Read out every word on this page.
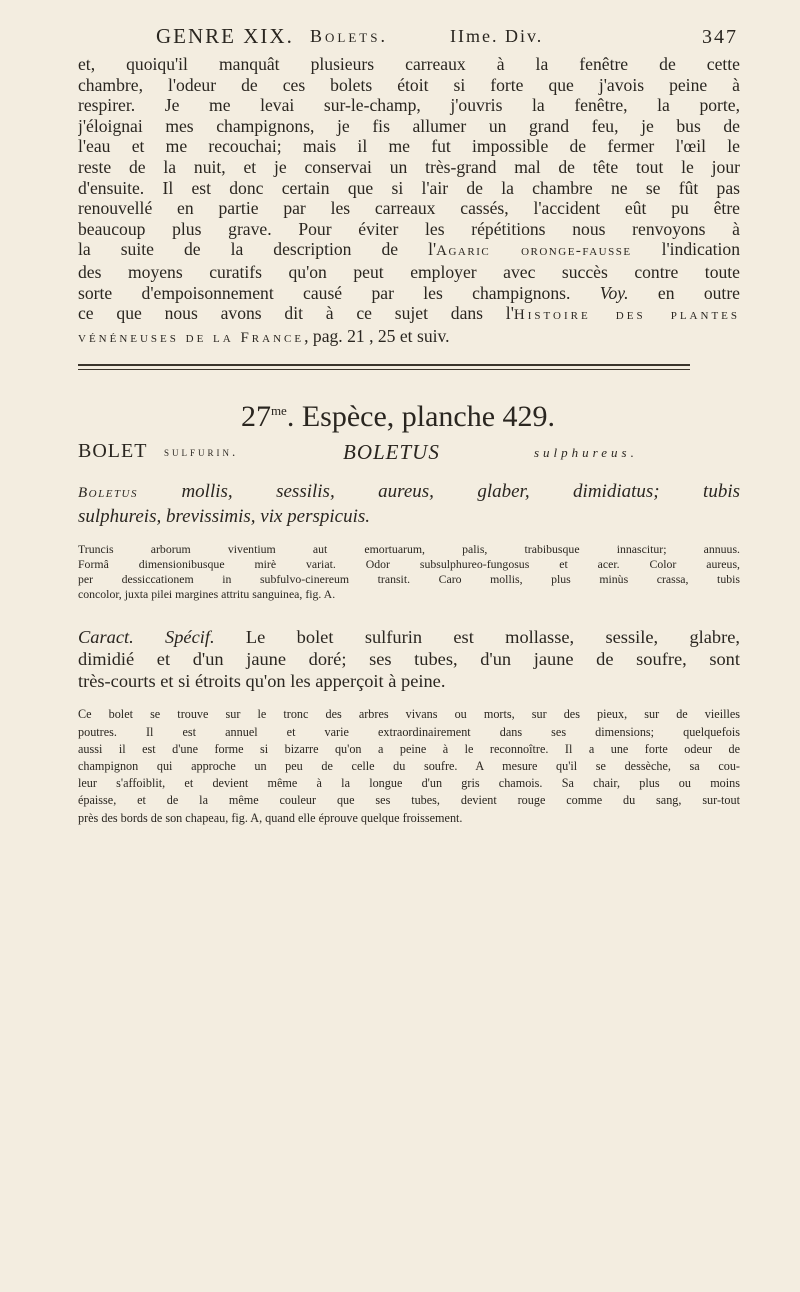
GENRE XIX. Bolets.	IIme. Div.	347
et, quoiqu'il manquât plusieurs carreaux à la fenêtre de cette
chambre, l'odeur de ces bolets étoit si forte que j'avois peine à
respirer. Je me levai sur-le-champ, j'ouvris la fenêtre, la porte,
j'éloignai mes champignons, je fis allumer un grand feu, je bus de
l'eau et me recouchai; mais il me fut impossible de fermer l'œil le
reste de la nuit, et je conservai un très-grand mal de tête tout le jour
d'ensuite. Il est donc certain que si l'air de la chambre ne se fût pas
renouvellé en partie par les carreaux cassés, l'accident eût pu être
beaucoup plus grave. Pour éviter les répétitions nous renvoyons à
la suite de la description de l'Agaric oronge-fausse l'indication
des moyens curatifs qu'on peut employer avec succès contre toute
sorte d'empoisonnement causé par les champignons. Voy. en outre
ce que nous avons dit à ce sujet dans l'Histoire des plantes
vénéneuses de la France, pag. 21 , 25 et suiv.
$27^{me}$. Espèce, planche 429.
BOLET sulfurin.	BOLETUS	sulphureus.
Boletus mollis, sessilis, aureus, glaber, dimidiatus; tubis
sulphureis, brevissimis, vix perspicuis.
Truncis arborum viventium aut emortuarum, palis, trabibusque innascitur; annuus.
Formâ dimensionibusque mirè variat. Odor subsulphureo-fungosus et acer. Color aureus,
per dessiccationem in subfulvo-cinereum transit. Caro mollis, plus minùs crassa, tubis
concolor, juxta pilei margines attritu sanguinea, fig. A.
Caract. Spécif. Le bolet sulfurin est mollasse, sessile, glabre,
dimidié et d'un jaune doré; ses tubes, d'un jaune de soufre, sont
très-courts et si étroits qu'on les apperçoit à peine.
Ce bolet se trouve sur le tronc des arbres vivans ou morts, sur des pieux, sur de vieilles
poutres. Il est annuel et varie extraordinairement dans ses dimensions; quelquefois
aussi il est d'une forme si bizarre qu'on a peine à le reconnoître. Il a une forte odeur de
champignon qui approche un peu de celle du soufre. A mesure qu'il se dessèche, sa cou-
leur s'affoiblit, et devient même à la longue d'un gris chamois. Sa chair, plus ou moins
épaisse, et de la même couleur que ses tubes, devient rouge comme du sang, sur-tout
près des bords de son chapeau, fig. A, quand elle éprouve quelque froissement.
